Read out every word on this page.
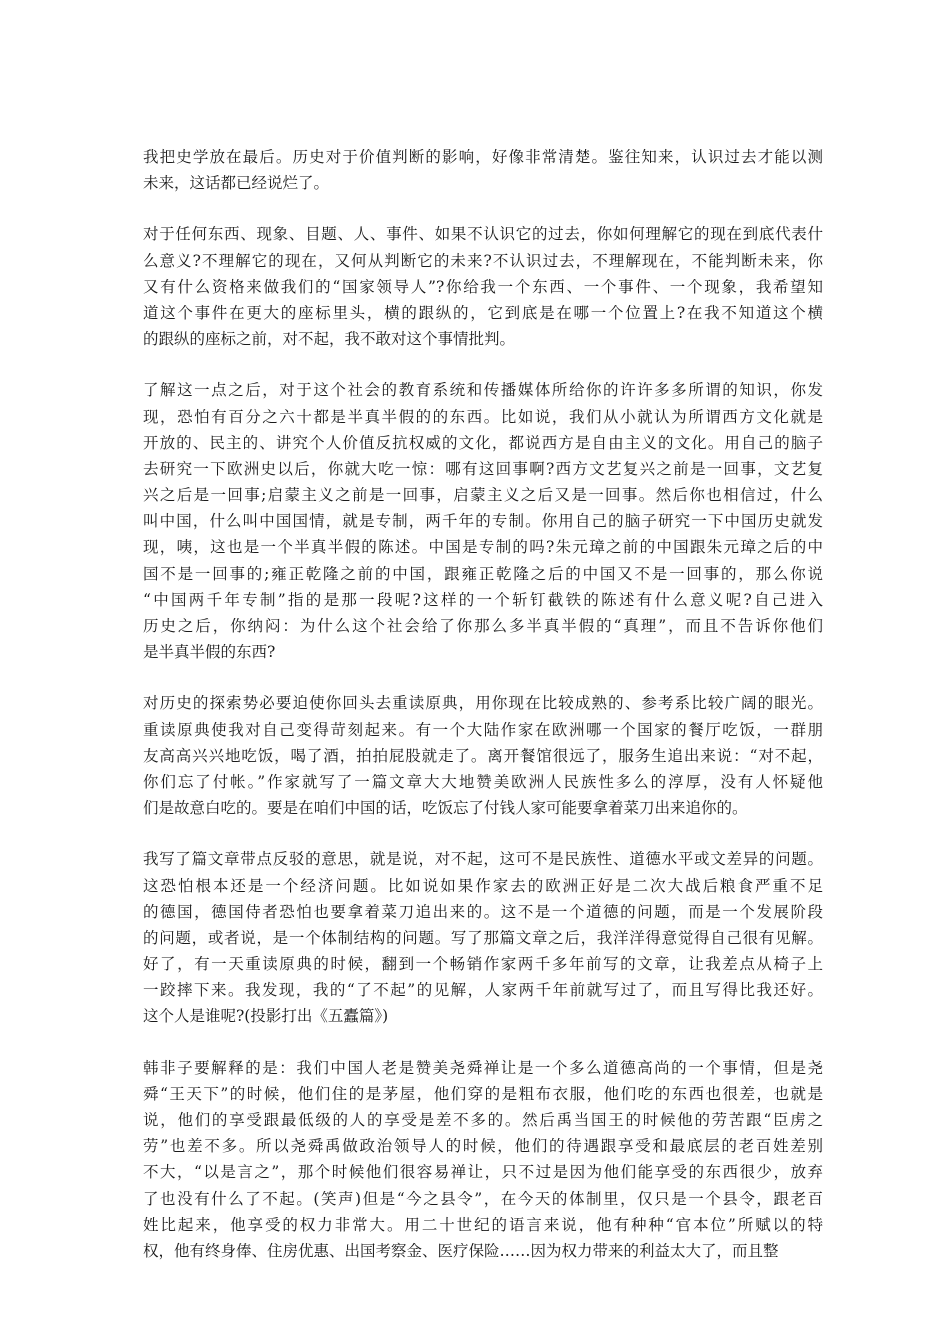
我把史学放在最后。历史对于价值判断的影响，好像非常清楚。鉴往知来，认识过去才能以测
未来，这话都已经说烂了。
对于任何东西、现象、目题、人、事件、如果不认识它的过去，你如何理解它的现在到底代表什
么意义?不理解它的现在，又何从判断它的未来?不认识过去，不理解现在，不能判断未来，你
又有什么资格来做我们的“国家领导人”?你给我一个东西、一个事件、一个现象，我希望知
道这个事件在更大的座标里头，横的跟纵的，它到底是在哪一个位置上?在我不知道这个横
的跟纵的座标之前，对不起，我不敢对这个事情批判。
了解这一点之后，对于这个社会的教育系统和传播媒体所给你的许许多多所谓的知识，你发
现，恐怕有百分之六十都是半真半假的的东西。比如说，我们从小就认为所谓西方文化就是
开放的、民主的、讲究个人价值反抗权威的文化，都说西方是自由主义的文化。用自己的脑子
去研究一下欧洲史以后，你就大吃一惊：哪有这回事啊?西方文艺复兴之前是一回事，文艺复
兴之后是一回事;启蒙主义之前是一回事，启蒙主义之后又是一回事。然后你也相信过，什么
叫中国，什么叫中国国情，就是专制，两千年的专制。你用自己的脑子研究一下中国历史就发
现，咦，这也是一个半真半假的陈述。中国是专制的吗?朱元璋之前的中国跟朱元璋之后的中
国不是一回事的;雍正乾隆之前的中国，跟雍正乾隆之后的中国又不是一回事的，那么你说
“中国两千年专制”指的是那一段呢?这样的一个斩钉截铁的陈述有什么意义呢?自己进入
历史之后，你纳闷：为什么这个社会给了你那么多半真半假的“真理”，而且不告诉你他们
是半真半假的东西?
对历史的探索势必要迫使你回头去重读原典，用你现在比较成熟的、参考系比较广阔的眼光。
重读原典使我对自己变得苛刻起来。有一个大陆作家在欧洲哪一个国家的餐厅吃饭，一群朋
友高高兴兴地吃饭，喝了酒，拍拍屁股就走了。离开餐馆很远了，服务生追出来说：“对不起，
你们忘了付帐。”作家就写了一篇文章大大地赞美欧洲人民族性多么的淳厚，没有人怀疑他
们是故意白吃的。要是在咱们中国的话，吃饭忘了付钱人家可能要拿着菜刀出来追你的。
我写了篇文章带点反驳的意思，就是说，对不起，这可不是民族性、道德水平或文差异的问题。
这恐怕根本还是一个经济问题。比如说如果作家去的欧洲正好是二次大战后粮食严重不足
的德国，德国侍者恐怕也要拿着菜刀追出来的。这不是一个道德的问题，而是一个发展阶段
的问题，或者说，是一个体制结构的问题。写了那篇文章之后，我洋洋得意觉得自己很有见解。
好了，有一天重读原典的时候，翻到一个畅销作家两千多年前写的文章，让我差点从椅子上
一跤摔下来。我发现，我的“了不起”的见解，人家两千年前就写过了，而且写得比我还好。
这个人是谁呢?(投影打出《五蠹篇》)
韩非子要解释的是：我们中国人老是赞美尧舜禅让是一个多么道德高尚的一个事情，但是尧
舜“王天下”的时候，他们住的是茅屋，他们穿的是粗布衣服，他们吃的东西也很差，也就是
说，他们的享受跟最低级的人的享受是差不多的。然后禹当国王的时候他的劳苦跟“臣虏之
劳”也差不多。所以尧舜禹做政治领导人的时候，他们的待遇跟享受和最底层的老百姓差别
不大，“以是言之”，那个时候他们很容易禅让，只不过是因为他们能享受的东西很少，放弃
了也没有什么了不起。(笑声)但是“今之县令”，在今天的体制里，仅只是一个县令，跟老百
姓比起来，他享受的权力非常大。用二十世纪的语言来说，他有种种“官本位”所赋以的特
权，他有终身俸、住房优惠、出国考察金、医疗保险……因为权力带来的利益太大了，而且整
